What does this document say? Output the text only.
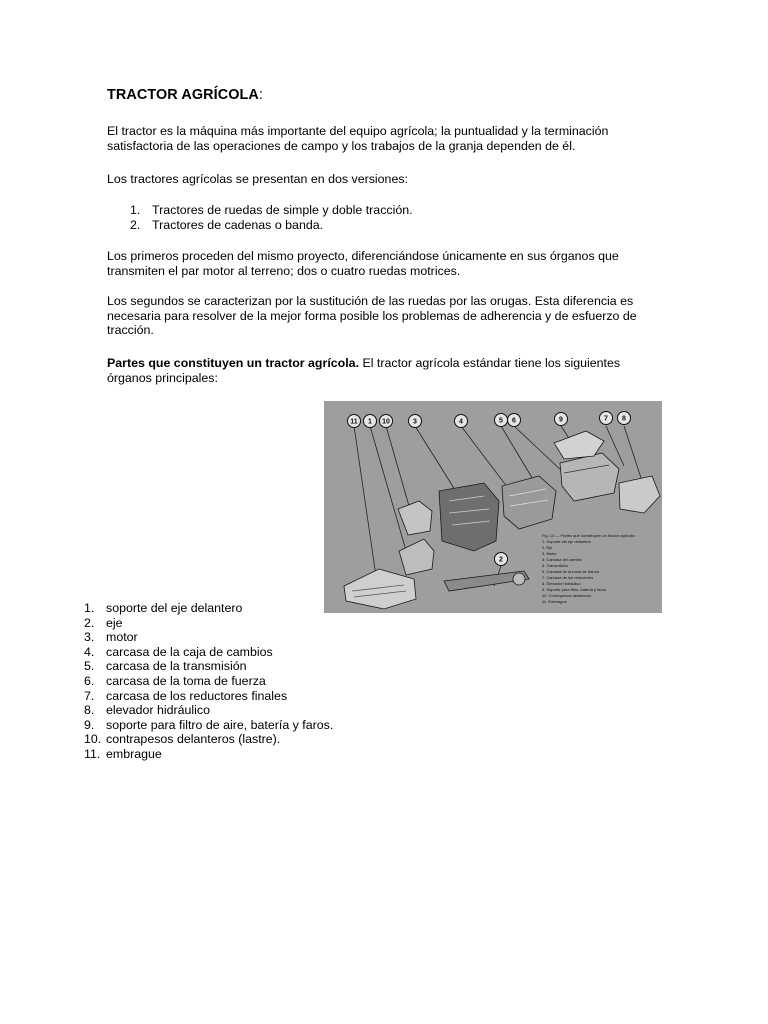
TRACTOR AGRÍCOLA:

El tractor es la máquina más importante del equipo agrícola; la puntualidad y la terminación satisfactoria de las operaciones de campo y los trabajos de la granja dependen de él.

Los tractores agrícolas se presentan en dos versiones:

1. Tractores de ruedas de simple y doble tracción.
2. Tractores de cadenas o banda.

Los primeros proceden del mismo proyecto, diferenciándose únicamente en sus órganos que transmiten el par motor al terreno; dos o cuatro ruedas motrices.

Los segundos se caracterizan por la sustitución de las ruedas por las orugas. Esta diferencia es necesaria para resolver de la mejor forma posible los problemas de adherencia y de esfuerzo de tracción.

Partes que constituyen un tractor agrícola. El tractor agrícola estándar tiene los siguientes órganos principales:

11 1 10	3	4	5 6	9	7 8
2
Fig. 13 — Partes que constituyen un tractor agrícola:
1. Soporte del eje delantero
2. Eje
3. Motor
4. Carcasa del cambio
5. Transmisión
6. Carcasa de la toma de fuerza
7. Carcasa de los reductores
8. Elevador hidráulico
9. Soporte para filtro, batería y faros
10. Contrapesos delanteros
11. Embrague
1. soporte del eje delantero
2. eje
3. motor
4. carcasa de la caja de cambios
5. carcasa de la transmisión
6. carcasa de la toma de fuerza
7. carcasa de los reductores finales
8. elevador hidráulico
9. soporte para filtro de aire, batería y faros.
10. contrapesos delanteros (lastre).
11. embrague
